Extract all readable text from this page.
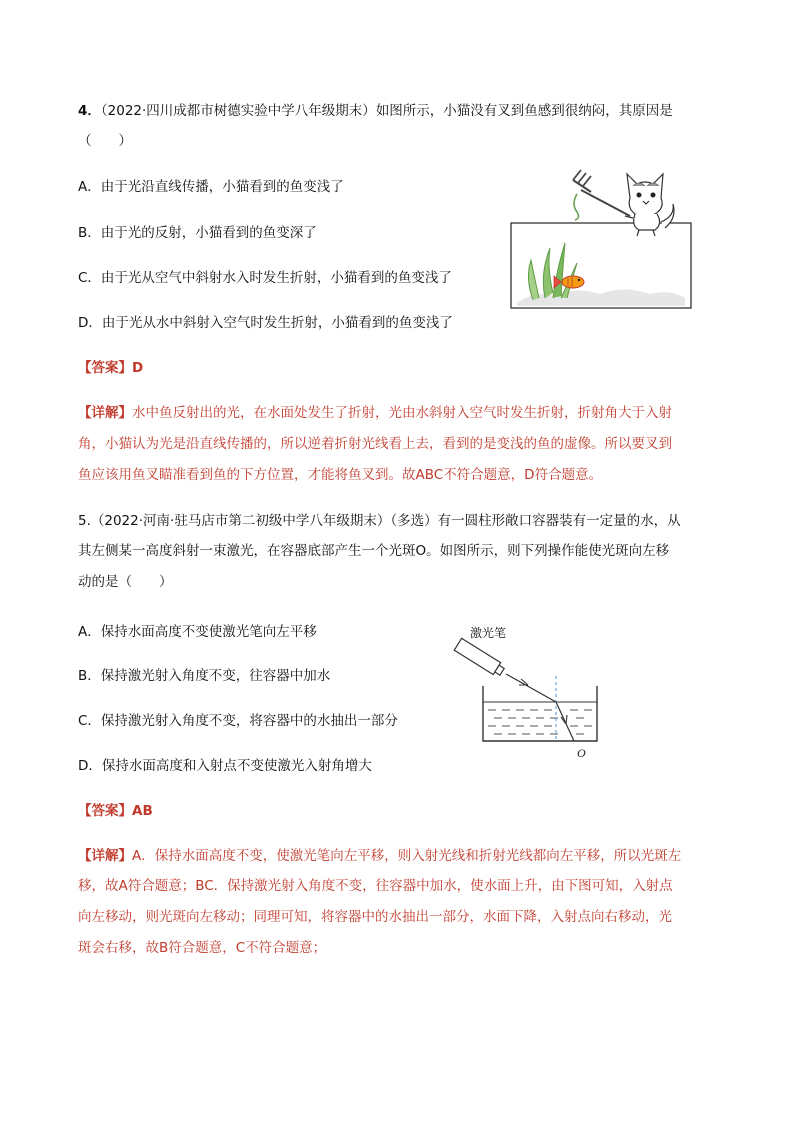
4．（2022·四川成都市树德实验中学八年级期末）如图所示，小猫没有叉到鱼感到很纳闷，其原因是
（　　）
A．由于光沿直线传播，小猫看到的鱼变浅了
B．由于光的反射，小猫看到的鱼变深了
C．由于光从空气中斜射水入时发生折射，小猫看到的鱼变浅了
D．由于光从水中斜射入空气时发生折射，小猫看到的鱼变浅了
【答案】D
【详解】水中鱼反射出的光，在水面处发生了折射，光由水斜射入空气时发生折射，折射角大于入射
角，小猫认为光是沿直线传播的，所以逆着折射光线看上去，看到的是变浅的鱼的虚像。所以要叉到
鱼应该用鱼叉瞄准看到鱼的下方位置，才能将鱼叉到。故ABC不符合题意，D符合题意。
5.（2022·河南·驻马店市第二初级中学八年级期末）（多选）有一圆柱形敞口容器装有一定量的水，从
其左侧某一高度斜射一束激光，在容器底部产生一个光斑O。如图所示，则下列操作能使光斑向左移
动的是（　　）
A．保持水面高度不变使激光笔向左平移
B．保持激光射入角度不变，往容器中加水
C．保持激光射入角度不变，将容器中的水抽出一部分
D．保持水面高度和入射点不变使激光入射角增大
激光笔
O
【答案】AB
【详解】A．保持水面高度不变，使激光笔向左平移，则入射光线和折射光线都向左平移，所以光斑左
移，故A符合题意；BC．保持激光射入角度不变，往容器中加水，使水面上升，由下图可知，入射点
向左移动，则光斑向左移动；同理可知，将容器中的水抽出一部分，水面下降，入射点向右移动，光
斑会右移，故B符合题意，C不符合题意；
